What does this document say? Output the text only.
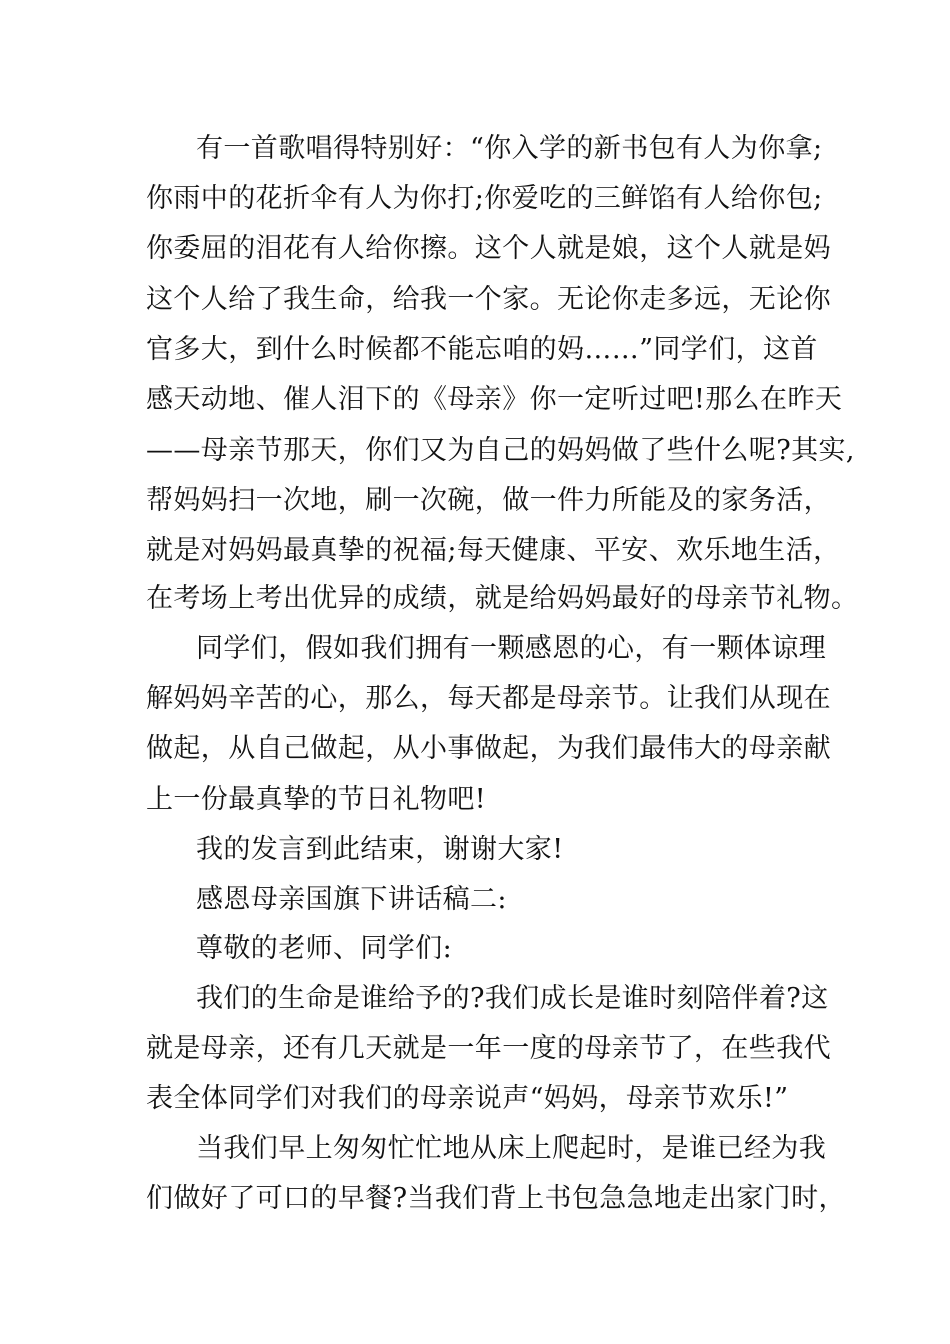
有一首歌唱得特别好：“你入学的新书包有人为你拿;
你雨中的花折伞有人为你打;你爱吃的三鲜馅有人给你包;
你委屈的泪花有人给你擦。这个人就是娘，这个人就是妈
这个人给了我生命，给我一个家。无论你走多远，无论你
官多大，到什么时候都不能忘咱的妈……”同学们，这首
感天动地、催人泪下的《母亲》你一定听过吧!那么在昨天
——母亲节那天，你们又为自己的妈妈做了些什么呢?其实,
帮妈妈扫一次地，刷一次碗，做一件力所能及的家务活，
就是对妈妈最真挚的祝福;每天健康、平安、欢乐地生活，
在考场上考出优异的成绩，就是给妈妈最好的母亲节礼物。
同学们，假如我们拥有一颗感恩的心，有一颗体谅理
解妈妈辛苦的心，那么，每天都是母亲节。让我们从现在
做起，从自己做起，从小事做起，为我们最伟大的母亲献
上一份最真挚的节日礼物吧!
我的发言到此结束，谢谢大家!
感恩母亲国旗下讲话稿二:
尊敬的老师、同学们:
我们的生命是谁给予的?我们成长是谁时刻陪伴着?这
就是母亲，还有几天就是一年一度的母亲节了，在些我代
表全体同学们对我们的母亲说声“妈妈，母亲节欢乐!”
当我们早上匆匆忙忙地从床上爬起时，是谁已经为我
们做好了可口的早餐?当我们背上书包急急地走出家门时，
